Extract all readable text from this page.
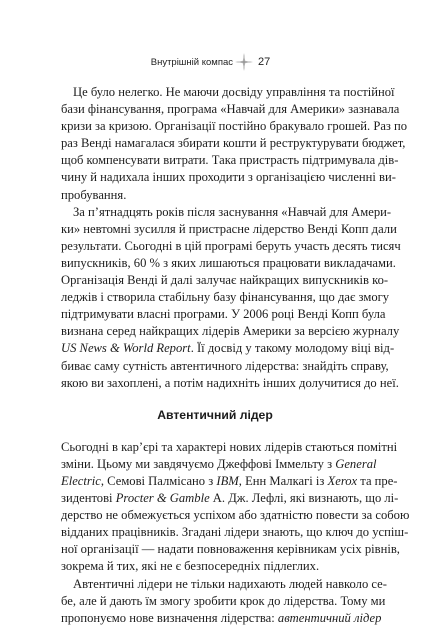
Внутрішній компас 27
Це було нелегко. Не маючи досвіду управління та постійної
бази фінансування, програма «Навчай для Америки» зазнавала
кризи за кризою. Організації постійно бракувало грошей. Раз по
раз Венді намагалася збирати кошти й реструктурувати бюджет,
щоб компенсувати витрати. Така пристрасть підтримувала дів-
чину й надихала інших проходити з організацією численні ви-
пробування.
За п’ятнадцять років після заснування «Навчай для Амери-
ки» невтомні зусилля й пристрасне лідерство Венді Копп дали
результати. Сьогодні в цій програмі беруть участь десять тисяч
випускників, 60 % з яких лишаються працювати викладачами.
Організація Венді й далі залучає найкращих випускників ко-
леджів і створила стабільну базу фінансування, що дає змогу
підтримувати власні програми. У 2006 році Венді Копп була
визнана серед найкращих лідерів Америки за версією журналу
US News & World Report. Її досвід у такому молодому віці від-
биває саму сутність автентичного лідерства: знайдіть справу,
якою ви захоплені, а потім надихніть інших долучитися до неї.
Автентичний лідер
Сьогодні в кар’єрі та характері нових лідерів стаються помітні
зміни. Цьому ми завдячуємо Джеффові Іммельту з General
Electric, Семові Палмісано з IBM, Енн Малкагі із Xerox та пре-
зидентові Procter & Gamble А. Дж. Лефлі, які визнають, що лі-
дерство не обмежується успіхом або здатністю повести за собою
відданих працівників. Згадані лідери знають, що ключ до успіш-
ної організації — надати повноваження керівникам усіх рівнів,
зокрема й тих, які не є безпосередніх підлеглих.
Автентичні лідери не тільки надихають людей навколо се-
бе, але й дають їм змогу зробити крок до лідерства. Тому ми
пропонуємо нове визначення лідерства: автентичний лідер
